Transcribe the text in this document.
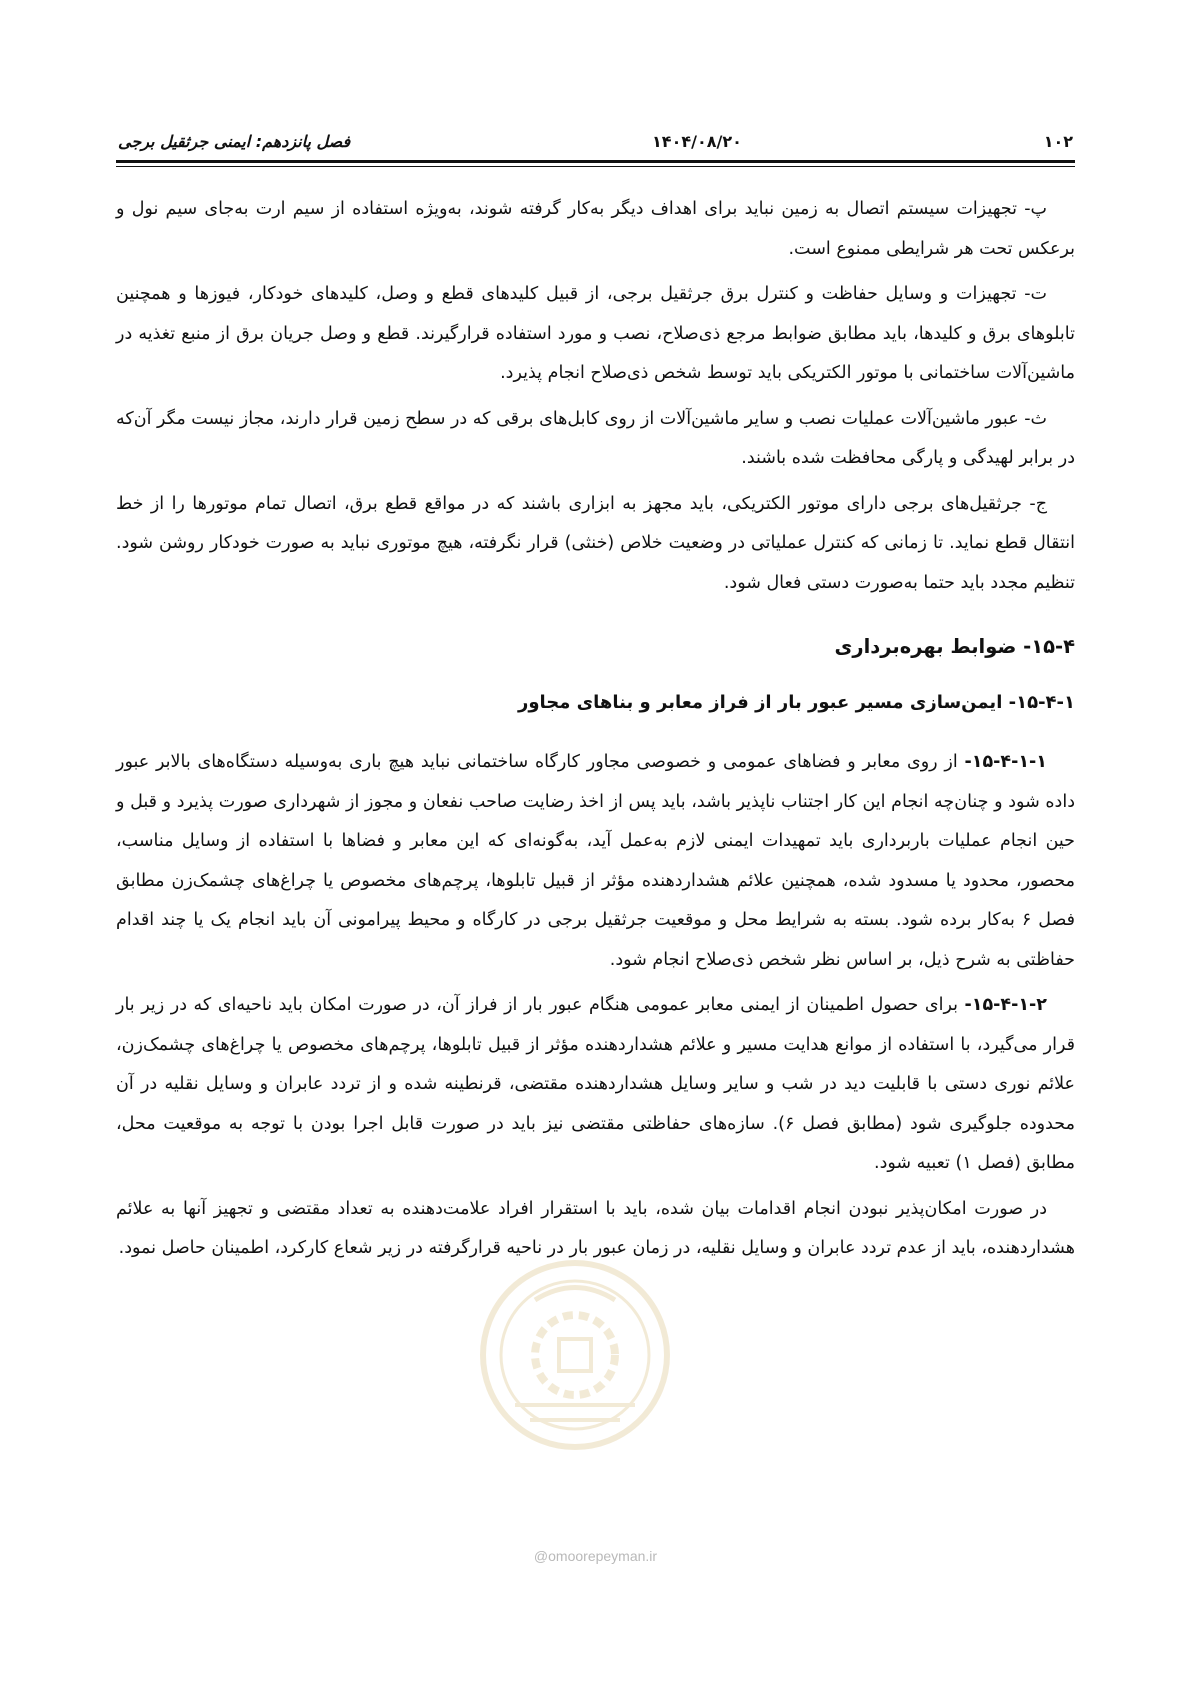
۱۰۲
۱۴۰۴/۰۸/۲۰
فصل پانزدهم: ایمنی جرثقیل برجی

پ- تجهیزات سیستم اتصال به زمین نباید برای اهداف دیگر به‌کار گرفته شوند، به‌ویژه استفاده از سیم ارت به‌جای سیم نول و برعکس تحت هر شرایطی ممنوع است.

ت- تجهیزات و وسایل حفاظت و کنترل برق جرثقیل برجی، از قبیل کلیدهای قطع و وصل، کلیدهای خودکار، فیوزها و همچنین تابلوهای برق و کلیدها، باید مطابق ضوابط مرجع ذی‌صلاح، نصب و مورد استفاده قرارگیرند. قطع و وصل جریان برق از منبع تغذیه در ماشین‌آلات ساختمانی با موتور الکتریکی باید توسط شخص ذی‌صلاح انجام پذیرد.

ث- عبور ماشین‌آلات عملیات نصب و سایر ماشین‌آلات از روی کابل‌های برقی که در سطح زمین قرار دارند، مجاز نیست مگر آن‌که در برابر لهیدگی و پارگی محافظت شده باشند.

ج- جرثقیل‌های برجی دارای موتور الکتریکی، باید مجهز به ابزاری باشند که در مواقع قطع برق، اتصال تمام موتورها را از خط انتقال قطع نماید. تا زمانی که کنترل عملیاتی در وضعیت خلاص (خنثی) قرار نگرفته، هیچ موتوری نباید به صورت خودکار روشن شود. تنظیم مجدد باید حتما به‌صورت دستی فعال شود.

۱۵-۴- ضوابط بهره‌برداری
۱۵-۴-۱- ایمن‌سازی مسیر عبور بار از فراز معابر و بناهای مجاور

۱۵-۴-۱-۱- از روی معابر و فضاهای عمومی و خصوصی مجاور کارگاه ساختمانی نباید هیچ باری به‌وسیله دستگاه‌های بالابر عبور داده شود و چنان‌چه انجام این کار اجتناب ناپذیر باشد، باید پس از اخذ رضایت صاحب نفعان و مجوز از شهرداری صورت پذیرد و قبل و حین انجام عملیات باربرداری باید تمهیدات ایمنی لازم به‌عمل آید، به‌گونه‌ای که این معابر و فضاها با استفاده از وسایل مناسب، محصور، محدود یا مسدود شده، همچنین علائم هشداردهنده مؤثر از قبیل تابلوها، پرچم‌های مخصوص یا چراغ‌های چشمک‌زن مطابق فصل ۶ به‌کار برده شود. بسته به شرایط محل و موقعیت جرثقیل برجی در کارگاه و محیط پیرامونی آن باید انجام یک یا چند اقدام حفاظتی به شرح ذیل، بر اساس نظر شخص ذی‌صلاح انجام شود.

۱۵-۴-۱-۲- برای حصول اطمینان از ایمنی معابر عمومی هنگام عبور بار از فراز آن، در صورت امکان باید ناحیه‌ای که در زیر بار قرار می‌گیرد، با استفاده از موانع هدایت مسیر و علائم هشداردهنده مؤثر از قبیل تابلوها، پرچم‌های مخصوص یا چراغ‌های چشمک‌زن، علائم نوری دستی با قابلیت دید در شب و سایر وسایل هشداردهنده مقتضی، قرنطینه شده و از تردد عابران و وسایل نقلیه در آن محدوده جلوگیری شود (مطابق فصل ۶). سازه‌های حفاظتی مقتضی نیز باید در صورت قابل اجرا بودن با توجه به موقعیت محل، مطابق (فصل ۱) تعبیه شود.

در صورت امکان‌پذیر نبودن انجام اقدامات بیان شده، باید با استقرار افراد علامت‌دهنده به تعداد مقتضی و تجهیز آنها به علائم هشداردهنده، باید از عدم تردد عابران و وسایل نقلیه، در زمان عبور بار در ناحیه قرارگرفته در زیر شعاع کارکرد، اطمینان حاصل نمود.

@omoorepeyman.ir
